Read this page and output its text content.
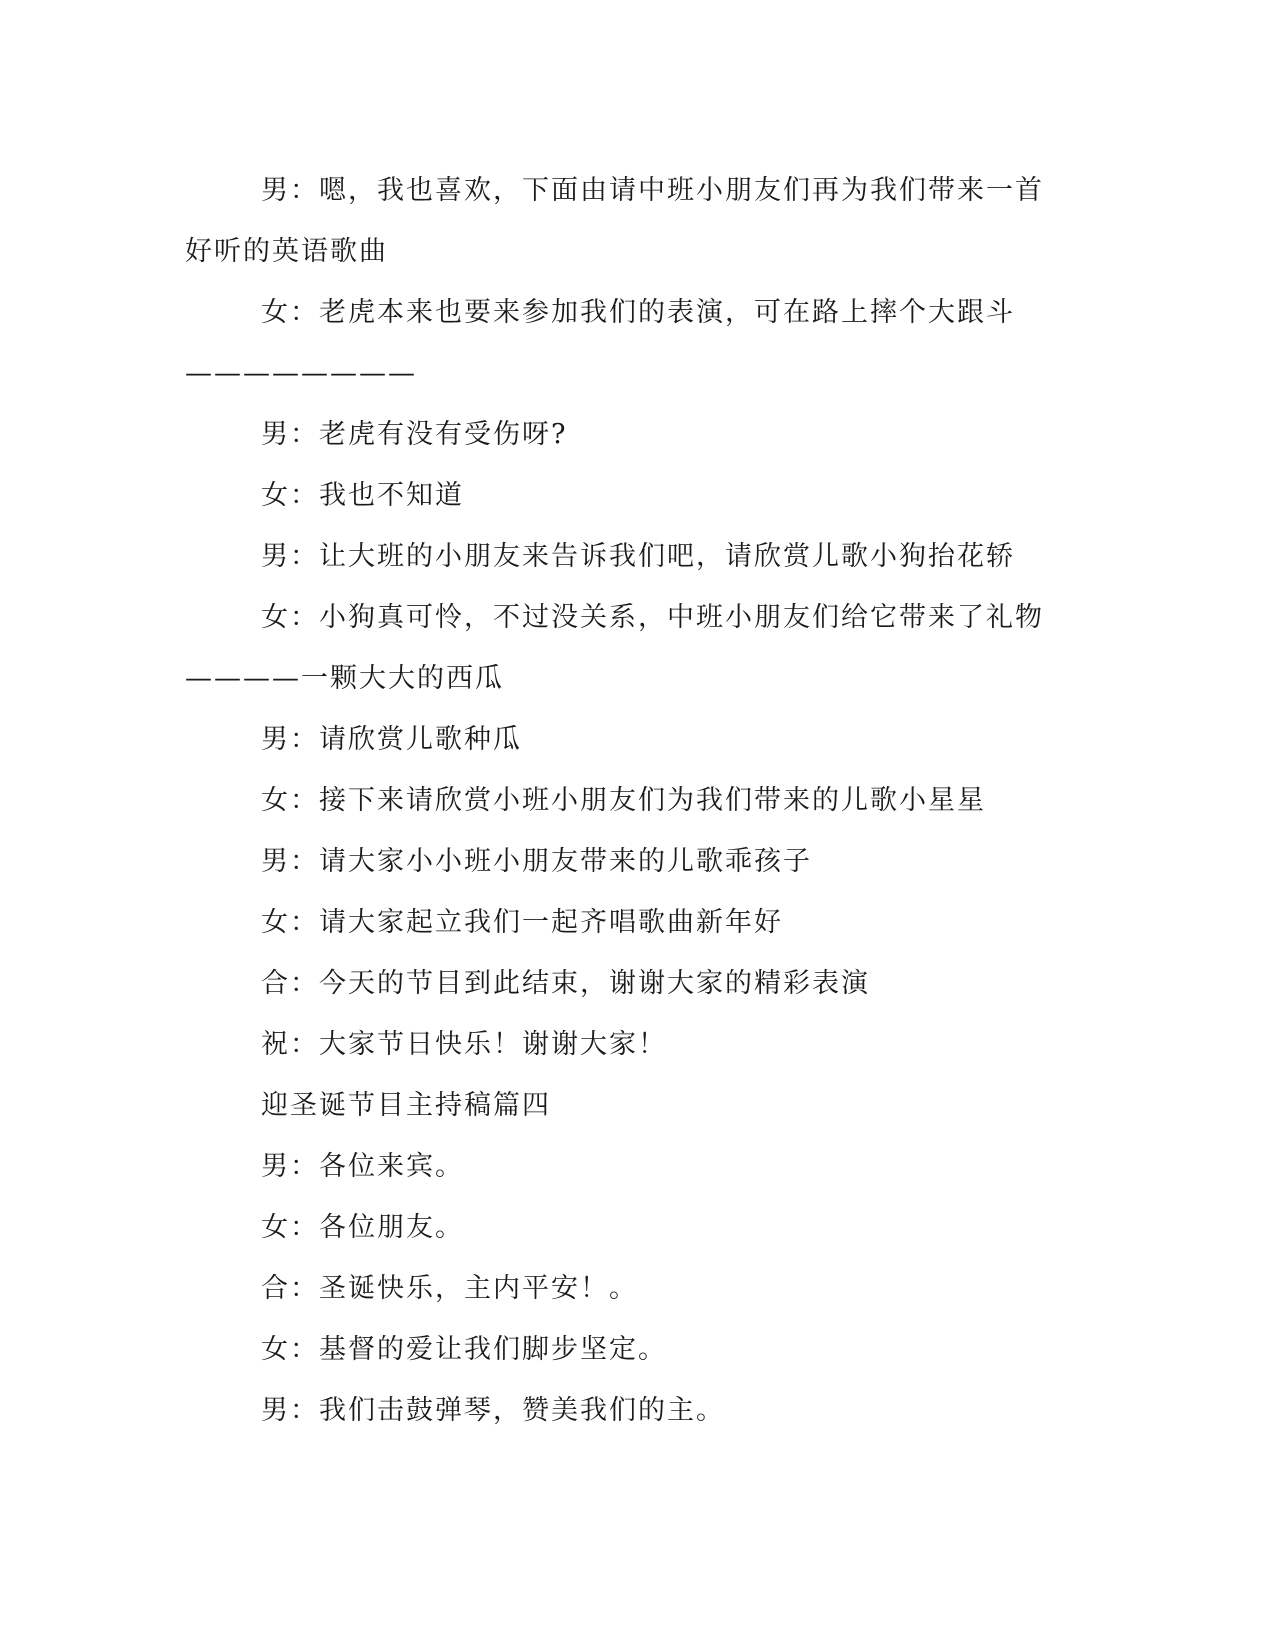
男：嗯，我也喜欢，下面由请中班小朋友们再为我们带来一首好听的英语歌曲

女：老虎本来也要来参加我们的表演，可在路上摔个大跟斗————————

男：老虎有没有受伤呀?

女：我也不知道

男：让大班的小朋友来告诉我们吧，请欣赏儿歌小狗抬花轿

女：小狗真可怜，不过没关系，中班小朋友们给它带来了礼物————一颗大大的西瓜

男：请欣赏儿歌种瓜

女：接下来请欣赏小班小朋友们为我们带来的儿歌小星星

男：请大家小小班小朋友带来的儿歌乖孩子

女：请大家起立我们一起齐唱歌曲新年好

合：今天的节目到此结束，谢谢大家的精彩表演

祝：大家节日快乐！谢谢大家！

迎圣诞节目主持稿篇四

男：各位来宾。

女：各位朋友。

合：圣诞快乐，主内平安！。

女：基督的爱让我们脚步坚定。

男：我们击鼓弹琴，赞美我们的主。
